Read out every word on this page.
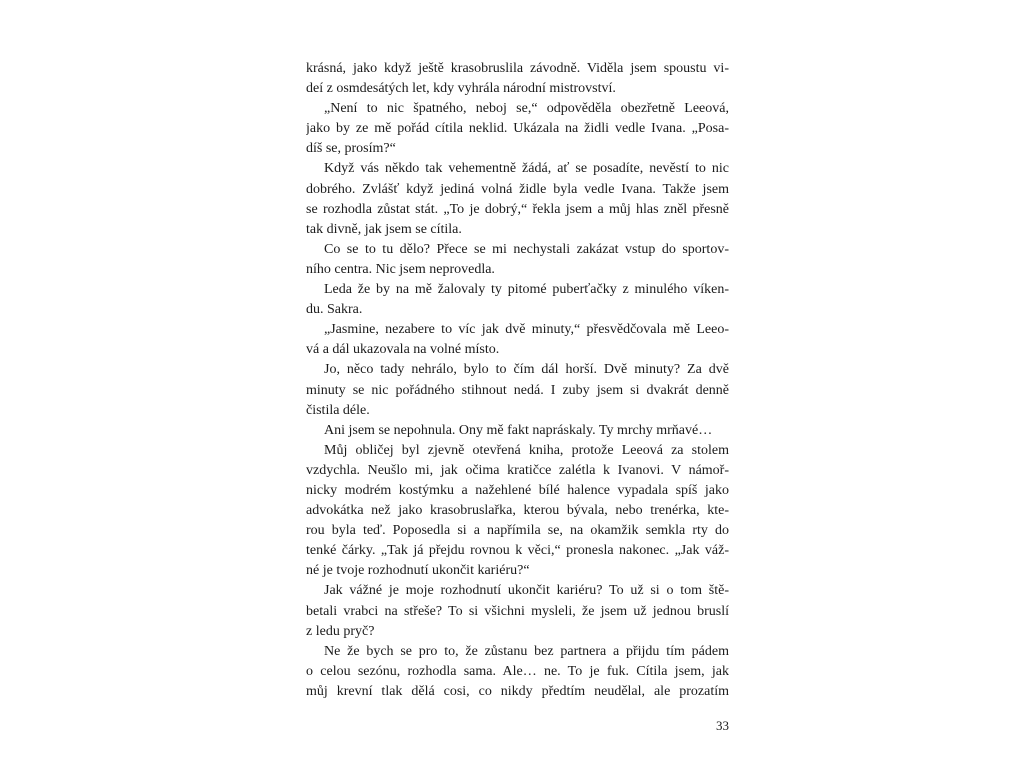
krásná, jako když ještě krasobruslila závodně. Viděla jsem spoustu vi-
deí z osmdesátých let, kdy vyhrála národní mistrovství.
„Není to nic špatného, neboj se,“ odpověděla obezřetně Leeová,
jako by ze mě pořád cítila neklid. Ukázala na židli vedle Ivana. „Posa-
díš se, prosím?“
Když vás někdo tak vehementně žádá, ať se posadíte, nevěstí to nic
dobrého. Zvlášť když jediná volná židle byla vedle Ivana. Takže jsem
se rozhodla zůstat stát. „To je dobrý,“ řekla jsem a můj hlas zněl přesně
tak divně, jak jsem se cítila.
Co se to tu dělo? Přece se mi nechystali zakázat vstup do sportov-
ního centra. Nic jsem neprovedla.
Leda že by na mě žalovaly ty pitomé puberťačky z minulého víken-
du. Sakra.
„Jasmine, nezabere to víc jak dvě minuty,“ přesvědčovala mě Leeo-
vá a dál ukazovala na volné místo.
Jo, něco tady nehrálo, bylo to čím dál horší. Dvě minuty? Za dvě
minuty se nic pořádného stihnout nedá. I zuby jsem si dvakrát denně
čistila déle.
Ani jsem se nepohnula. Ony mě fakt napráskaly. Ty mrchy mrňavé…
Můj obličej byl zjevně otevřená kniha, protože Leeová za stolem
vzdychla. Neušlo mi, jak očima kratičce zalétla k Ivanovi. V námoř-
nicky modrém kostýmku a nažehlené bílé halence vypadala spíš jako
advokátka než jako krasobruslařka, kterou bývala, nebo trenérka, kte-
rou byla teď. Poposedla si a napřímila se, na okamžik semkla rty do
tenké čárky. „Tak já přejdu rovnou k věci,“ pronesla nakonec. „Jak váž-
né je tvoje rozhodnutí ukončit kariéru?“
Jak vážné je moje rozhodnutí ukončit kariéru? To už si o tom ště-
betali vrabci na střeše? To si všichni mysleli, že jsem už jednou bruslí
z ledu pryč?
Ne že bych se pro to, že zůstanu bez partnera a přijdu tím pádem
o celou sezónu, rozhodla sama. Ale… ne. To je fuk. Cítila jsem, jak
můj krevní tlak dělá cosi, co nikdy předtím neudělal, ale prozatím
33
